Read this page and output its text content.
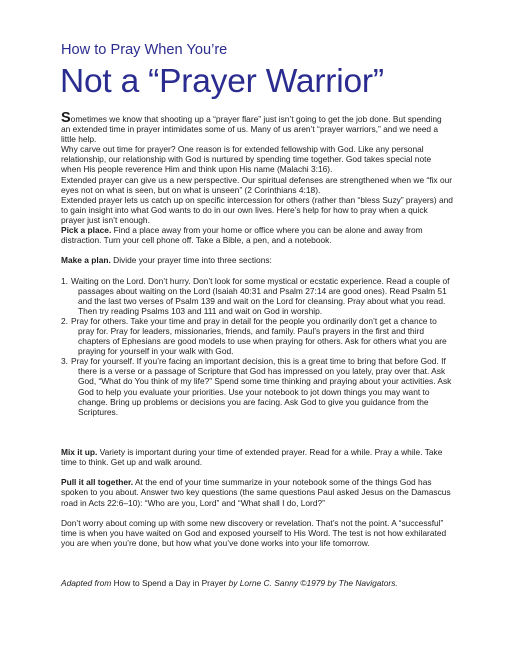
How to Pray When You’re
Not a “Prayer Warrior”

Sometimes we know that shooting up a “prayer flare” just isn’t going to get the job done. But spending an extended time in prayer intimidates some of us. Many of us aren’t “prayer warriors,” and we need a little help.

Why carve out time for prayer? One reason is for extended fellowship with God. Like any personal relationship, our relationship with God is nurtured by spending time together. God takes special note when His people reverence Him and think upon His name (Malachi 3:16).

Extended prayer can give us a new perspective. Our spiritual defenses are strengthened when we “fix our eyes not on what is seen, but on what is unseen” (2 Corinthians 4:18).

Extended prayer lets us catch up on specific intercession for others (rather than “bless Suzy” prayers) and to gain insight into what God wants to do in our own lives. Here’s help for how to pray when a quick prayer just isn’t enough.

Pick a place. Find a place away from your home or office where you can be alone and away from distraction. Turn your cell phone off. Take a Bible, a pen, and a notebook.

Make a plan. Divide your prayer time into three sections:

1. Waiting on the Lord. Don’t hurry. Don’t look for some mystical or ecstatic experience. Read a couple of passages about waiting on the Lord (Isaiah 40:31 and Psalm 27:14 are good ones). Read Psalm 51 and the last two verses of Psalm 139 and wait on the Lord for cleansing. Pray about what you read. Then try reading Psalms 103 and 111 and wait on God in worship.
2. Pray for others. Take your time and pray in detail for the people you ordinarily don’t get a chance to pray for. Pray for leaders, missionaries, friends, and family. Paul’s prayers in the first and third chapters of Ephesians are good models to use when praying for others. Ask for others what you are praying for yourself in your walk with God.
3. Pray for yourself. If you’re facing an important decision, this is a great time to bring that before God. If there is a verse or a passage of Scripture that God has impressed on you lately, pray over that. Ask God, “What do You think of my life?” Spend some time thinking and praying about your activities. Ask God to help you evaluate your priorities. Use your notebook to jot down things you may want to change. Bring up problems or decisions you are facing. Ask God to give you guidance from the Scriptures.

Mix it up. Variety is important during your time of extended prayer. Read for a while. Pray a while. Take time to think. Get up and walk around.

Pull it all together. At the end of your time summarize in your notebook some of the things God has spoken to you about. Answer two key questions (the same questions Paul asked Jesus on the Damascus road in Acts 22:6–10): “Who are you, Lord” and “What shall I do, Lord?”

Don’t worry about coming up with some new discovery or revelation. That’s not the point. A “successful” time is when you have waited on God and exposed yourself to His Word. The test is not how exhilarated you are when you’re done, but how what you’ve done works into your life tomorrow.

Adapted from How to Spend a Day in Prayer by Lorne C. Sanny ©1979 by The Navigators.
